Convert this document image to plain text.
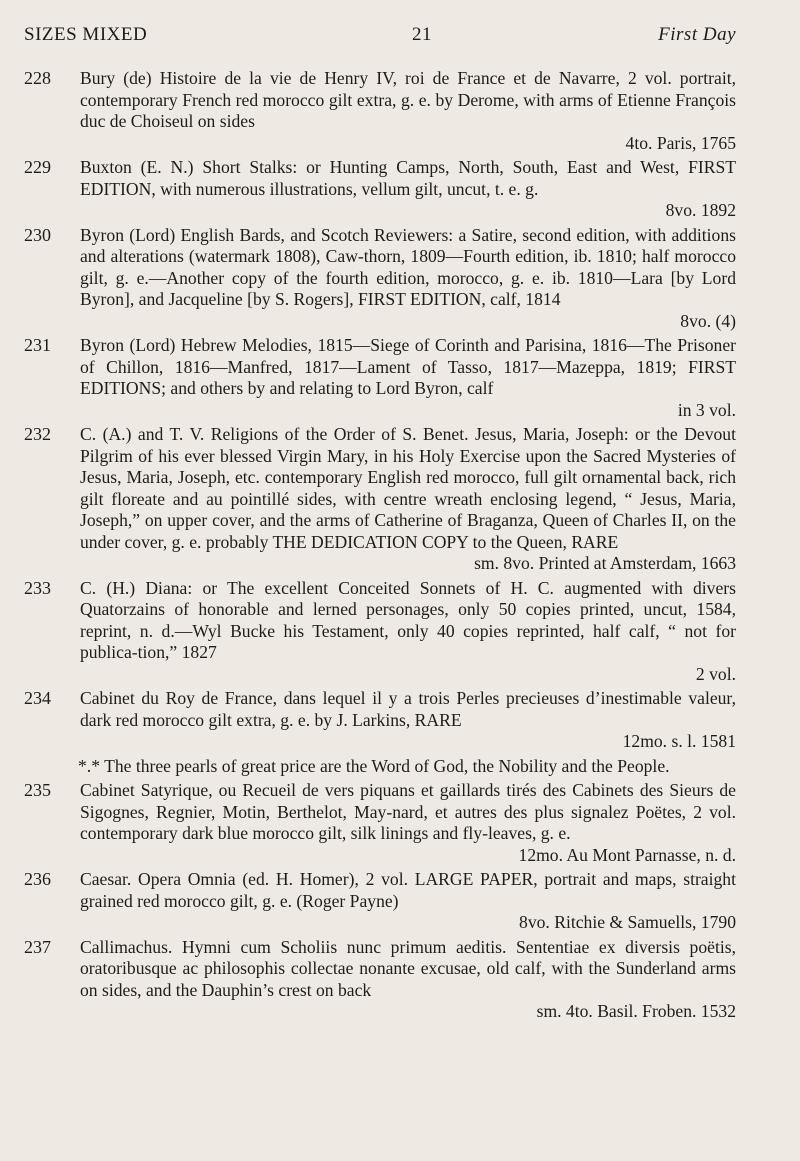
SIZES MIXED	21	First Day
228	Bury (de) Histoire de la vie de Henry IV, roi de France et de Navarre, 2 vol. portrait, contemporary French red morocco gilt extra, g. e. by Derome, with arms of Etienne François duc de Choiseul on sides
4to. Paris, 1765
229	Buxton (E. N.) Short Stalks: or Hunting Camps, North, South, East and West, FIRST EDITION, with numerous illustrations, vellum gilt, uncut, t. e. g.
8vo. 1892
230	Byron (Lord) English Bards, and Scotch Reviewers: a Satire, second edition, with additions and alterations (watermark 1808), Caw-thorn, 1809—Fourth edition, ib. 1810; half morocco gilt, g. e.—Another copy of the fourth edition, morocco, g. e. ib. 1810—Lara [by Lord Byron], and Jacqueline [by S. Rogers], FIRST EDITION, calf, 1814
8vo. (4)
231	Byron (Lord) Hebrew Melodies, 1815—Siege of Corinth and Parisina, 1816—The Prisoner of Chillon, 1816—Manfred, 1817—Lament of Tasso, 1817—Mazeppa, 1819; FIRST EDITIONS; and others by and relating to Lord Byron, calf
in 3 vol.
232	C. (A.) and T. V. Religions of the Order of S. Benet. Jesus, Maria, Joseph: or the Devout Pilgrim of his ever blessed Virgin Mary, in his Holy Exercise upon the Sacred Mysteries of Jesus, Maria, Joseph, etc. contemporary English red morocco, full gilt ornamental back, rich gilt floreate and au pointillé sides, with centre wreath enclosing legend, “ Jesus, Maria, Joseph,” on upper cover, and the arms of Catherine of Braganza, Queen of Charles II, on the under cover, g. e. probably THE DEDICATION COPY to the Queen, RARE
sm. 8vo. Printed at Amsterdam, 1663
233	C. (H.) Diana: or The excellent Conceited Sonnets of H. C. augmented with divers Quatorzains of honorable and lerned personages, only 50 copies printed, uncut, 1584, reprint, n. d.—Wyl Bucke his Testament, only 40 copies reprinted, half calf, “ not for publica-tion,” 1827
2 vol.
234	Cabinet du Roy de France, dans lequel il y a trois Perles precieuses d’inestimable valeur, dark red morocco gilt extra, g. e. by J. Larkins, RARE
12mo. s. l. 1581
*.* The three pearls of great price are the Word of God, the Nobility and the People.
235	Cabinet Satyrique, ou Recueil de vers piquans et gaillards tirés des Cabinets des Sieurs de Sigognes, Regnier, Motin, Berthelot, May-nard, et autres des plus signalez Poëtes, 2 vol. contemporary dark blue morocco gilt, silk linings and fly-leaves, g. e.
12mo. Au Mont Parnasse, n. d.
236	Caesar. Opera Omnia (ed. H. Homer), 2 vol. LARGE PAPER, portrait and maps, straight grained red morocco gilt, g. e. (Roger Payne)
8vo. Ritchie & Samuells, 1790
237	Callimachus. Hymni cum Scholiis nunc primum aeditis. Sententiae ex diversis poëtis, oratoribusque ac philosophis collectae nonante excusae, old calf, with the Sunderland arms on sides, and the Dauphin’s crest on back
sm. 4to. Basil. Froben. 1532
